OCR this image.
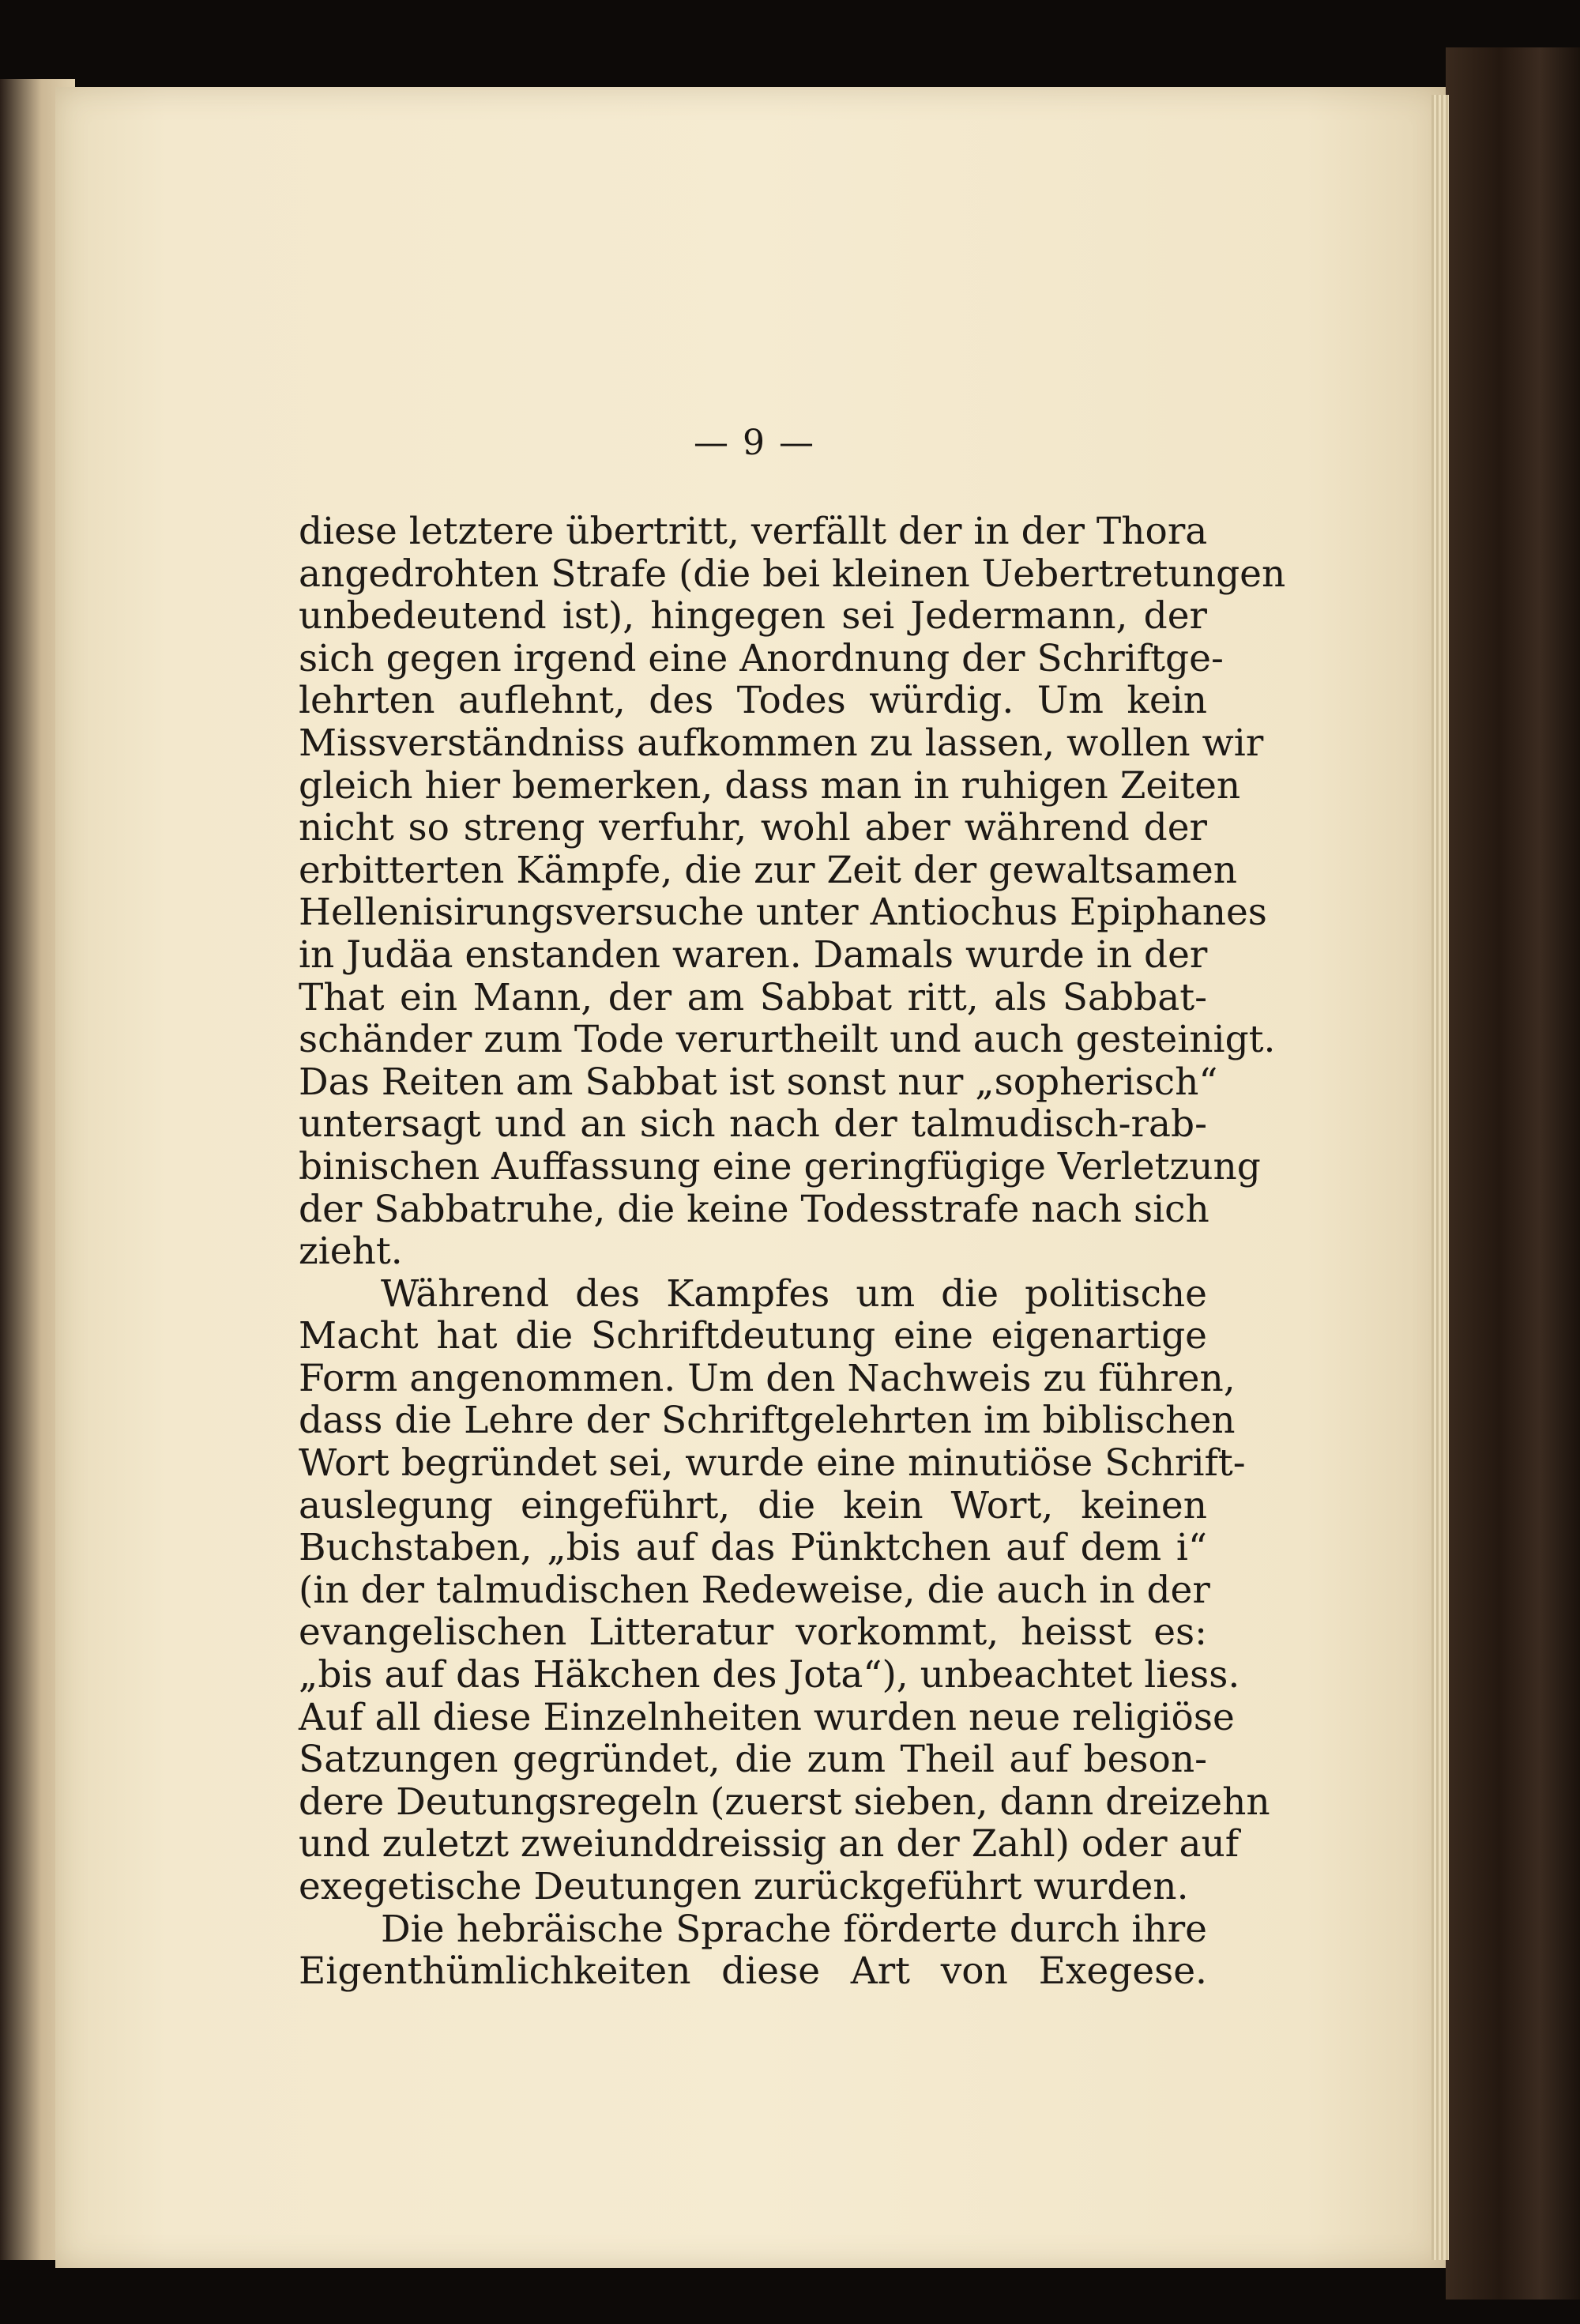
— 9 —
diese letztere übertritt, verfällt der in der Thora
angedrohten Strafe (die bei kleinen Uebertretungen
unbedeutend ist), hingegen sei Jedermann, der
sich gegen irgend eine Anordnung der Schriftge-
lehrten auflehnt, des Todes würdig. Um kein
Missverständniss aufkommen zu lassen, wollen wir
gleich hier bemerken, dass man in ruhigen Zeiten
nicht so streng verfuhr, wohl aber während der
erbitterten Kämpfe, die zur Zeit der gewaltsamen
Hellenisirungsversuche unter Antiochus Epiphanes
in Judäa enstanden waren. Damals wurde in der
That ein Mann, der am Sabbat ritt, als Sabbat-
schänder zum Tode verurtheilt und auch gesteinigt.
Das Reiten am Sabbat ist sonst nur „sopherisch“
untersagt und an sich nach der talmudisch-rab-
binischen Auffassung eine geringfügige Verletzung
der Sabbatruhe, die keine Todesstrafe nach sich
zieht.
Während des Kampfes um die politische
Macht hat die Schriftdeutung eine eigenartige
Form angenommen. Um den Nachweis zu führen,
dass die Lehre der Schriftgelehrten im biblischen
Wort begründet sei, wurde eine minutiöse Schrift-
auslegung eingeführt, die kein Wort, keinen
Buchstaben, „bis auf das Pünktchen auf dem i“
(in der talmudischen Redeweise, die auch in der
evangelischen Litteratur vorkommt, heisst es:
„bis auf das Häkchen des Jota“), unbeachtet liess.
Auf all diese Einzelnheiten wurden neue religiöse
Satzungen gegründet, die zum Theil auf beson-
dere Deutungsregeln (zuerst sieben, dann dreizehn
und zuletzt zweiunddreissig an der Zahl) oder auf
exegetische Deutungen zurückgeführt wurden.
Die hebräische Sprache förderte durch ihre
Eigenthümlichkeiten diese Art von Exegese.
